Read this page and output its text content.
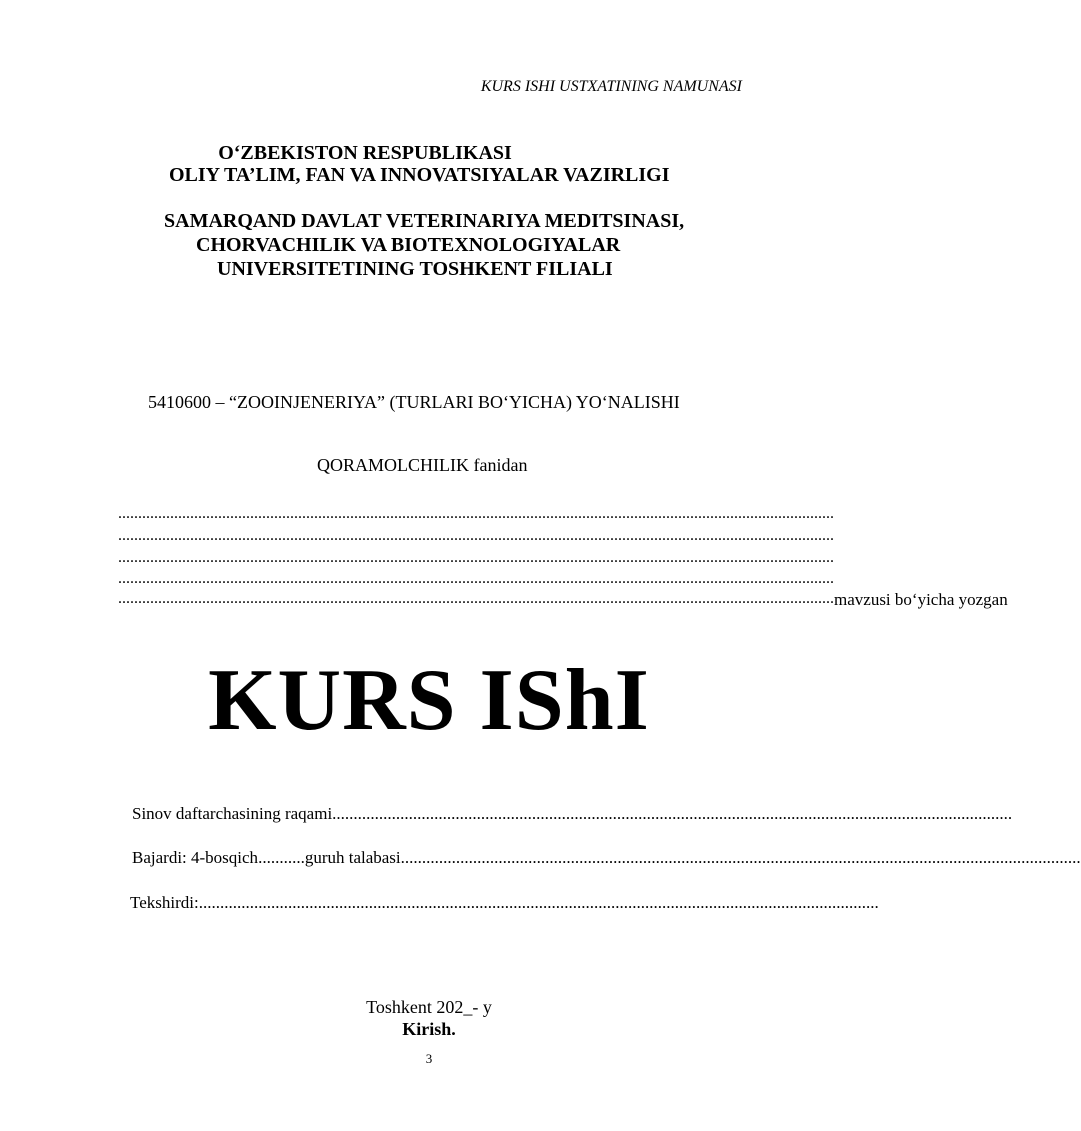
KURS ISHI USTXATINING NAMUNASI
O‘ZBEKISTON RESPUBLIKASI
OLIY TA’LIM, FAN VA INNOVATSIYALAR VAZIRLIGI
SAMARQAND DAVLAT VETERINARIYA MEDITSINASI,
CHORVACHILIK VA BIOTEXNOLOGIYALAR
UNIVERSITETINING TOSHKENT FILIALI
5410600 – “ZOOINJENERIYA” (TURLARI BO‘YICHA) YO‘NALISHI
QORAMOLCHILIK fanidan
...................................................................................................................................................................................
...................................................................................................................................................................................
...................................................................................................................................................................................
...................................................................................................................................................................................
................................................................................................................................................................................... mavzusi bo‘yicha yozgan
KURS IShI
Sinov daftarchasining raqami ................................................................................................................................................................
Bajardi: 4-bosqich ........... guruh talabasi ................................................................................................................................................................
Tekshirdi: ................................................................................................................................................................
Toshkent 202_- y
Kirish.
3
